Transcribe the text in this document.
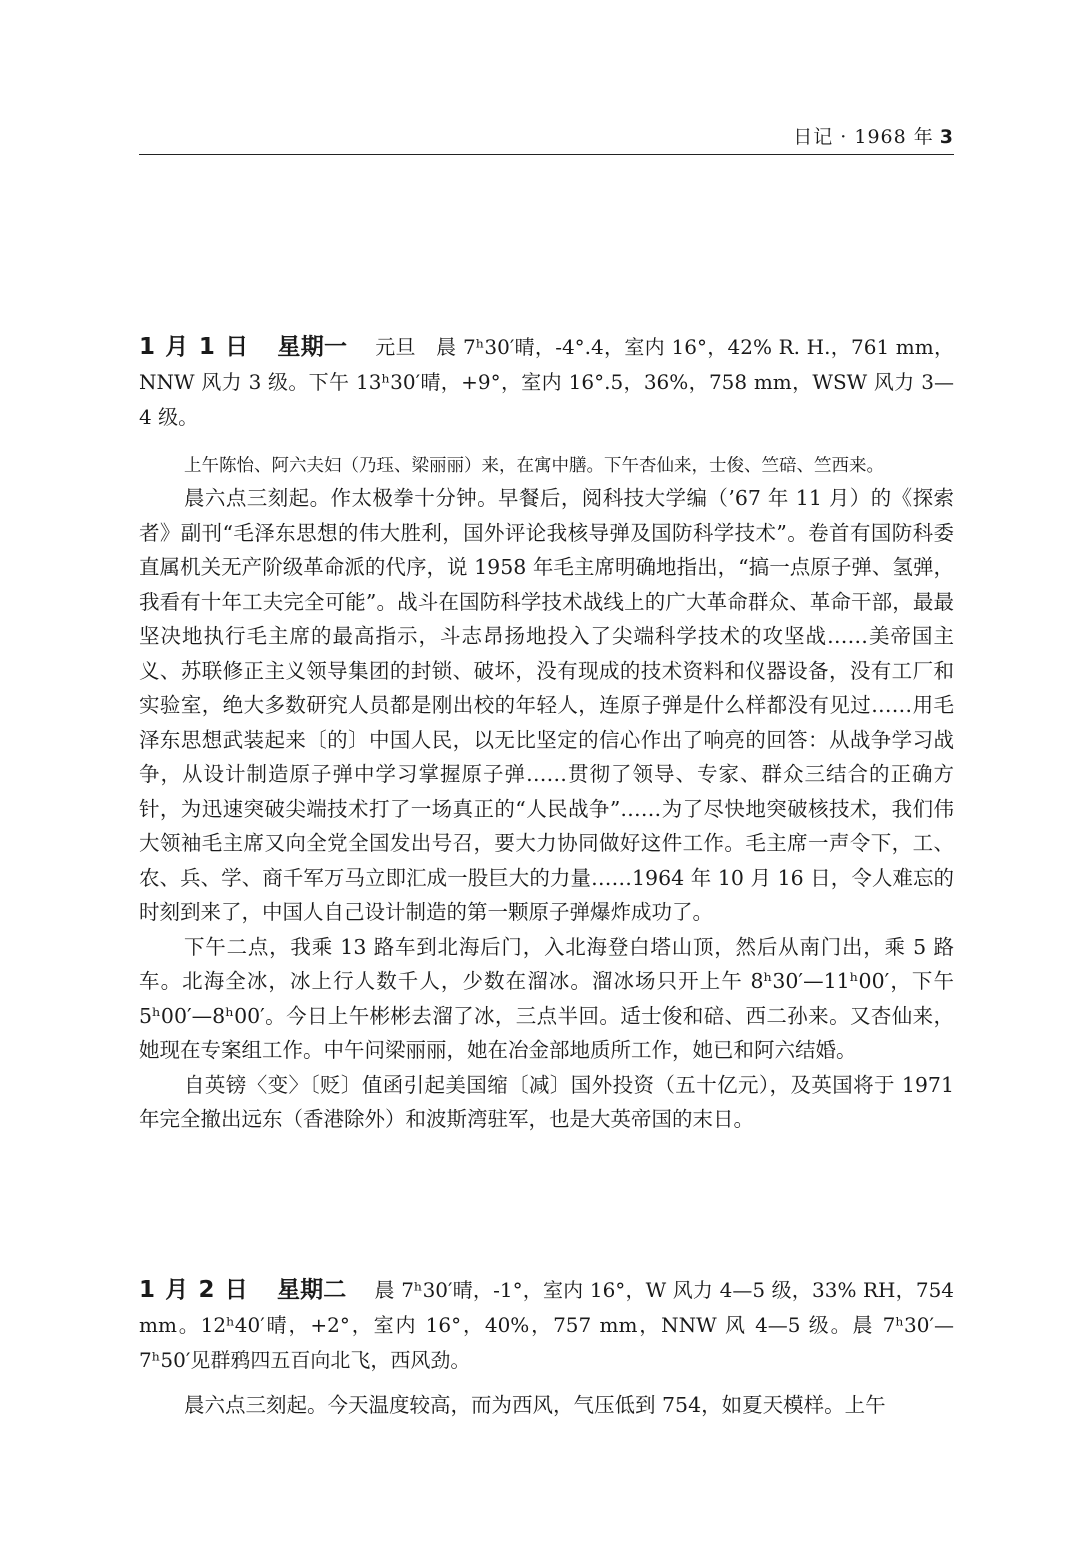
日记 · 1968 年 3
1 月 1 日 星期一 元旦　晨 7ʰ30′晴，-4°.4，室内 16°，42% R. H.，761 mm，NNW 风力 3 级。下午 13ʰ30′晴，+9°，室内 16°.5，36%，758 mm，WSW 风力 3—4 级。
上午陈怡、阿六夫妇（乃珏、梁丽丽）来，在寓中膳。下午杏仙来，士俊、竺碚、竺西来。

晨六点三刻起。作太极拳十分钟。早餐后，阅科技大学编（’67 年 11 月）的《探索者》副刊“毛泽东思想的伟大胜利，国外评论我核导弹及国防科学技术”。卷首有国防科委直属机关无产阶级革命派的代序，说 1958 年毛主席明确地指出，“搞一点原子弹、氢弹，我看有十年工夫完全可能”。战斗在国防科学技术战线上的广大革命群众、革命干部，最最坚决地执行毛主席的最高指示，斗志昂扬地投入了尖端科学技术的攻坚战……美帝国主义、苏联修正主义领导集团的封锁、破坏，没有现成的技术资料和仪器设备，没有工厂和实验室，绝大多数研究人员都是刚出校的年轻人，连原子弹是什么样都没有见过……用毛泽东思想武装起来〔的〕中国人民，以无比坚定的信心作出了响亮的回答：从战争学习战争，从设计制造原子弹中学习掌握原子弹……贯彻了领导、专家、群众三结合的正确方针，为迅速突破尖端技术打了一场真正的“人民战争”……为了尽快地突破核技术，我们伟大领袖毛主席又向全党全国发出号召，要大力协同做好这件工作。毛主席一声令下，工、农、兵、学、商千军万马立即汇成一股巨大的力量……1964 年 10 月 16 日，令人难忘的时刻到来了，中国人自己设计制造的第一颗原子弹爆炸成功了。

下午二点，我乘 13 路车到北海后门，入北海登白塔山顶，然后从南门出，乘 5 路车。北海全冰，冰上行人数千人，少数在溜冰。溜冰场只开上午 8ʰ30′—11ʰ00′，下午 5ʰ00′—8ʰ00′。今日上午彬彬去溜了冰，三点半回。适士俊和碚、西二孙来。又杏仙来，她现在专案组工作。中午问梁丽丽，她在冶金部地质所工作，她已和阿六结婚。

自英镑〈变〉〔贬〕值函引起美国缩〔减〕国外投资（五十亿元），及英国将于 1971 年完全撤出远东（香港除外）和波斯湾驻军，也是大英帝国的末日。

1 月 2 日 星期二 晨 7ʰ30′晴，-1°，室内 16°，W 风力 4—5 级，33% RH，754 mm。12ʰ40′晴，+2°，室内 16°，40%，757 mm，NNW 风 4—5 级。晨 7ʰ30′—7ʰ50′见群鸦四五百向北飞，西风劲。

晨六点三刻起。今天温度较高，而为西风，气压低到 754，如夏天模样。上午
